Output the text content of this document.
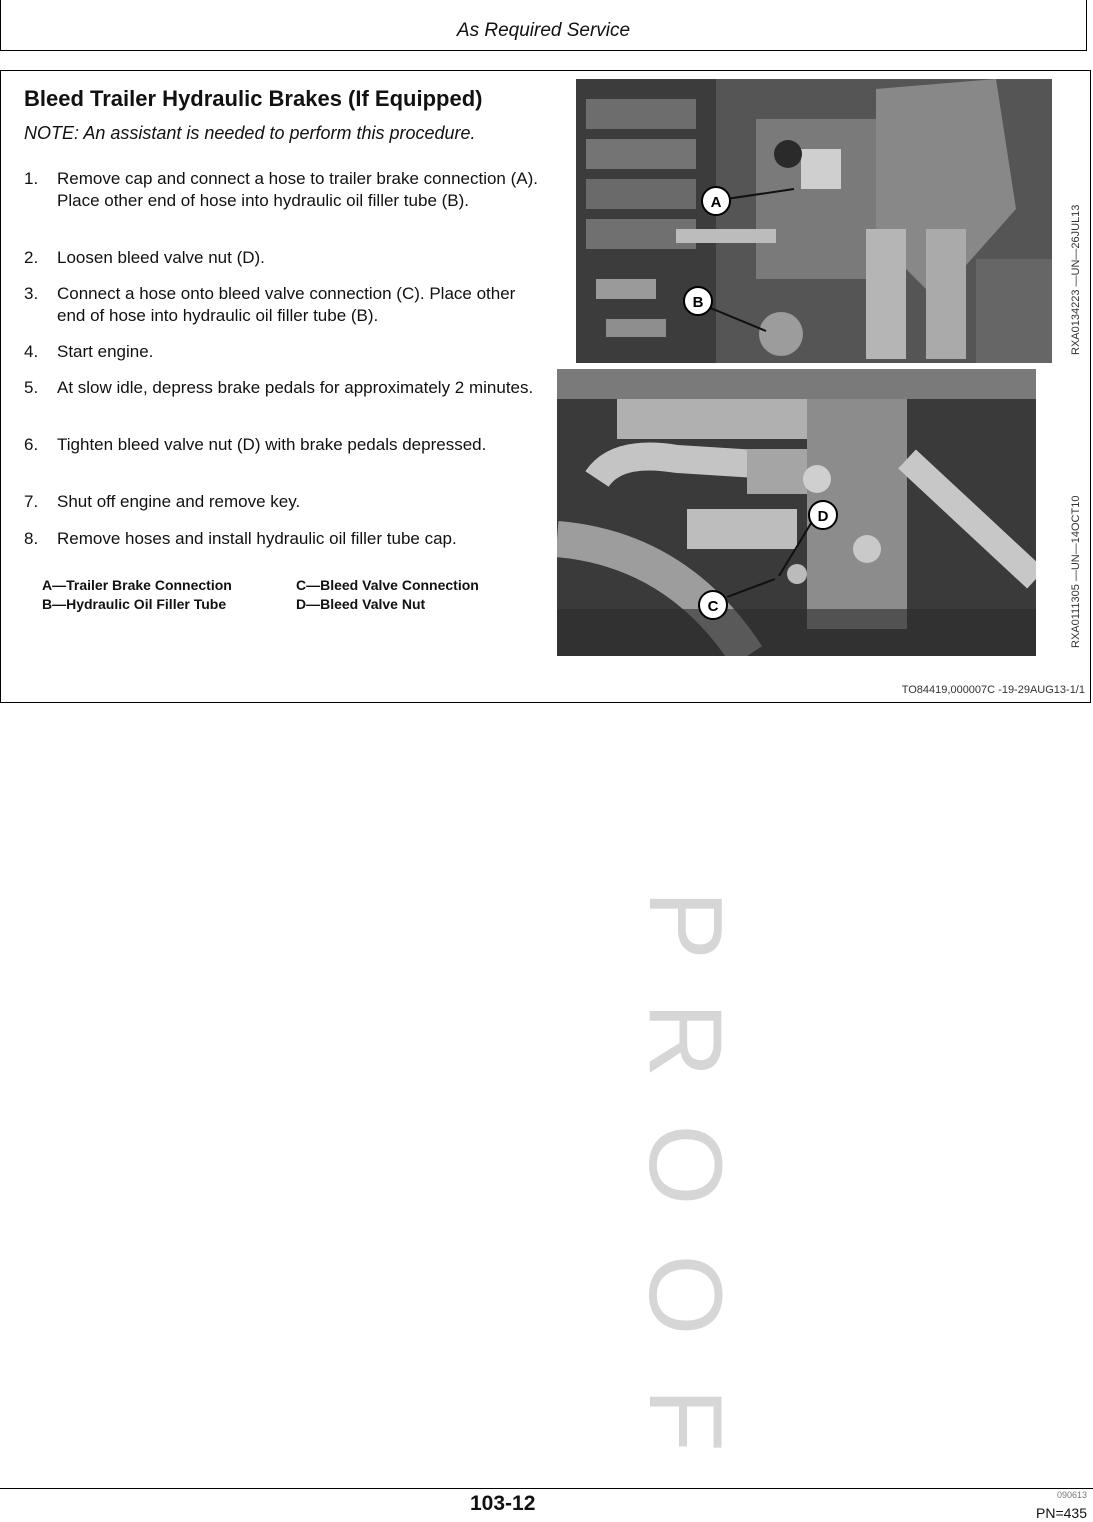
As Required Service
Bleed Trailer Hydraulic Brakes (If Equipped)

NOTE: An assistant is needed to perform this procedure.

1.	Remove cap and connect a hose to trailer brake connection (A). Place other end of hose into hydraulic oil filler tube (B).
2.	Loosen bleed valve nut (D).
3.	Connect a hose onto bleed valve connection (C). Place other end of hose into hydraulic oil filler tube (B).
4.	Start engine.
5.	At slow idle, depress brake pedals for approximately 2 minutes.
6.	Tighten bleed valve nut (D) with brake pedals depressed.
7.	Shut off engine and remove key.
8.	Remove hoses and install hydraulic oil filler tube cap.
A—Trailer Brake Connection
B—Hydraulic Oil Filler Tube
C—Bleed Valve Connection
D—Bleed Valve Nut
A
B
D
C
RXA0134223 —UN—26JUL13
RXA0111305 —UN—14OCT10
TO84419,000007C -19-29AUG13-1/1
P
R
O
O
F
103-12	090613
PN=435
